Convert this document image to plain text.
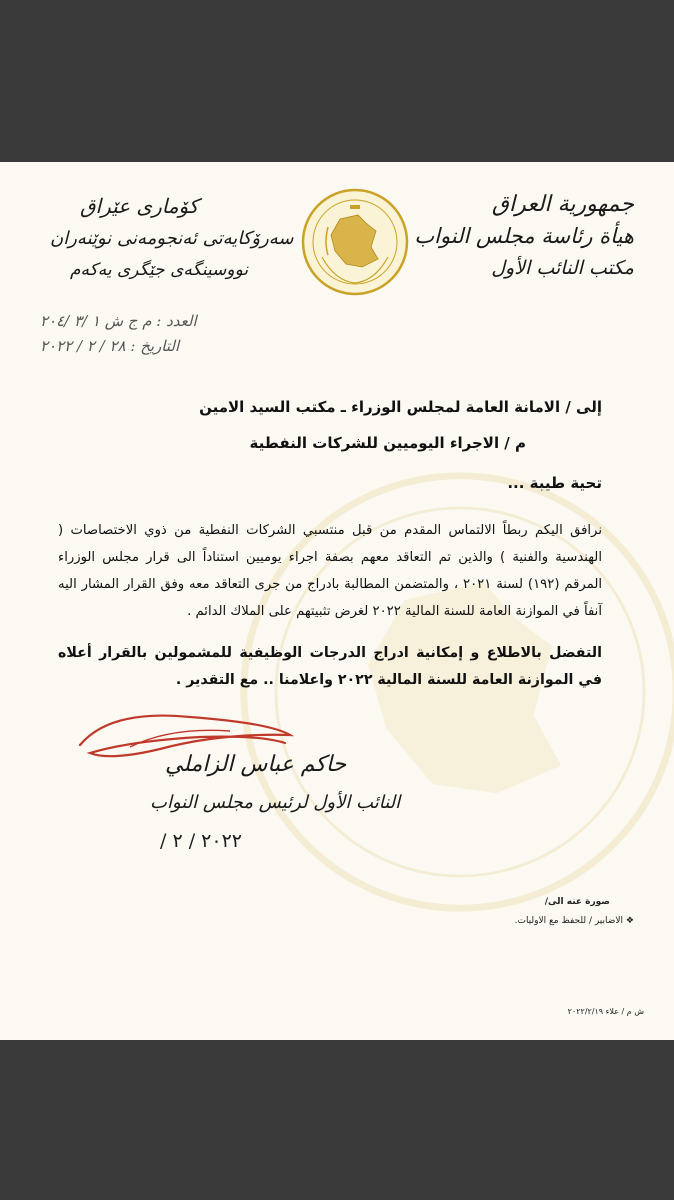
جمهورية العراق
هيأة رئاسة مجلس النواب
مكتب النائب الأول
كۆماری عێراق
سەرۆکایەتی ئەنجومەنی نوێنەران
نووسینگەی جێگری یەکەم
العدد : م ج ش ١ /٣ /٢٠٤
التاريخ : ٢٨ / ٢ / ٢٠٢٢
إلى / الامانة العامة لمجلس الوزراء ـ مكتب السيد الامين
م / الاجراء اليوميين للشركات النفطية
تحية طيبة ...
نرافق اليكم ربطاً الالتماس المقدم من قبل منتسبي الشركات النفطية من ذوي الاختصاصات ( الهندسية والفنية ) والذين تم التعاقد معهم بصفة اجراء يوميين استناداً الى قرار مجلس الوزراء المرقم (١٩٢) لسنة ٢٠٢١ ، والمتضمن المطالبة بادراج من جرى التعاقد معه وفق القرار المشار اليه آنفاً في الموازنة العامة للسنة المالية ٢٠٢٢ لغرض تثبيتهم على الملاك الدائم .
التفضل بالاطلاع و إمكانية ادراج الدرجات الوظيفية للمشمولين بالقرار أعلاه في الموازنة العامة للسنة المالية ٢٠٢٢ واعلامنا .. مع التقدير .
حاكم عباس الزاملي
النائب الأول لرئيس مجلس النواب
٢٠٢٢ / ٢ /
صورة عنه الى/
❖ الاضابير / للحفظ مع الاوليات.
ش م / علاء ٢٠٢٢/٢/١٩
